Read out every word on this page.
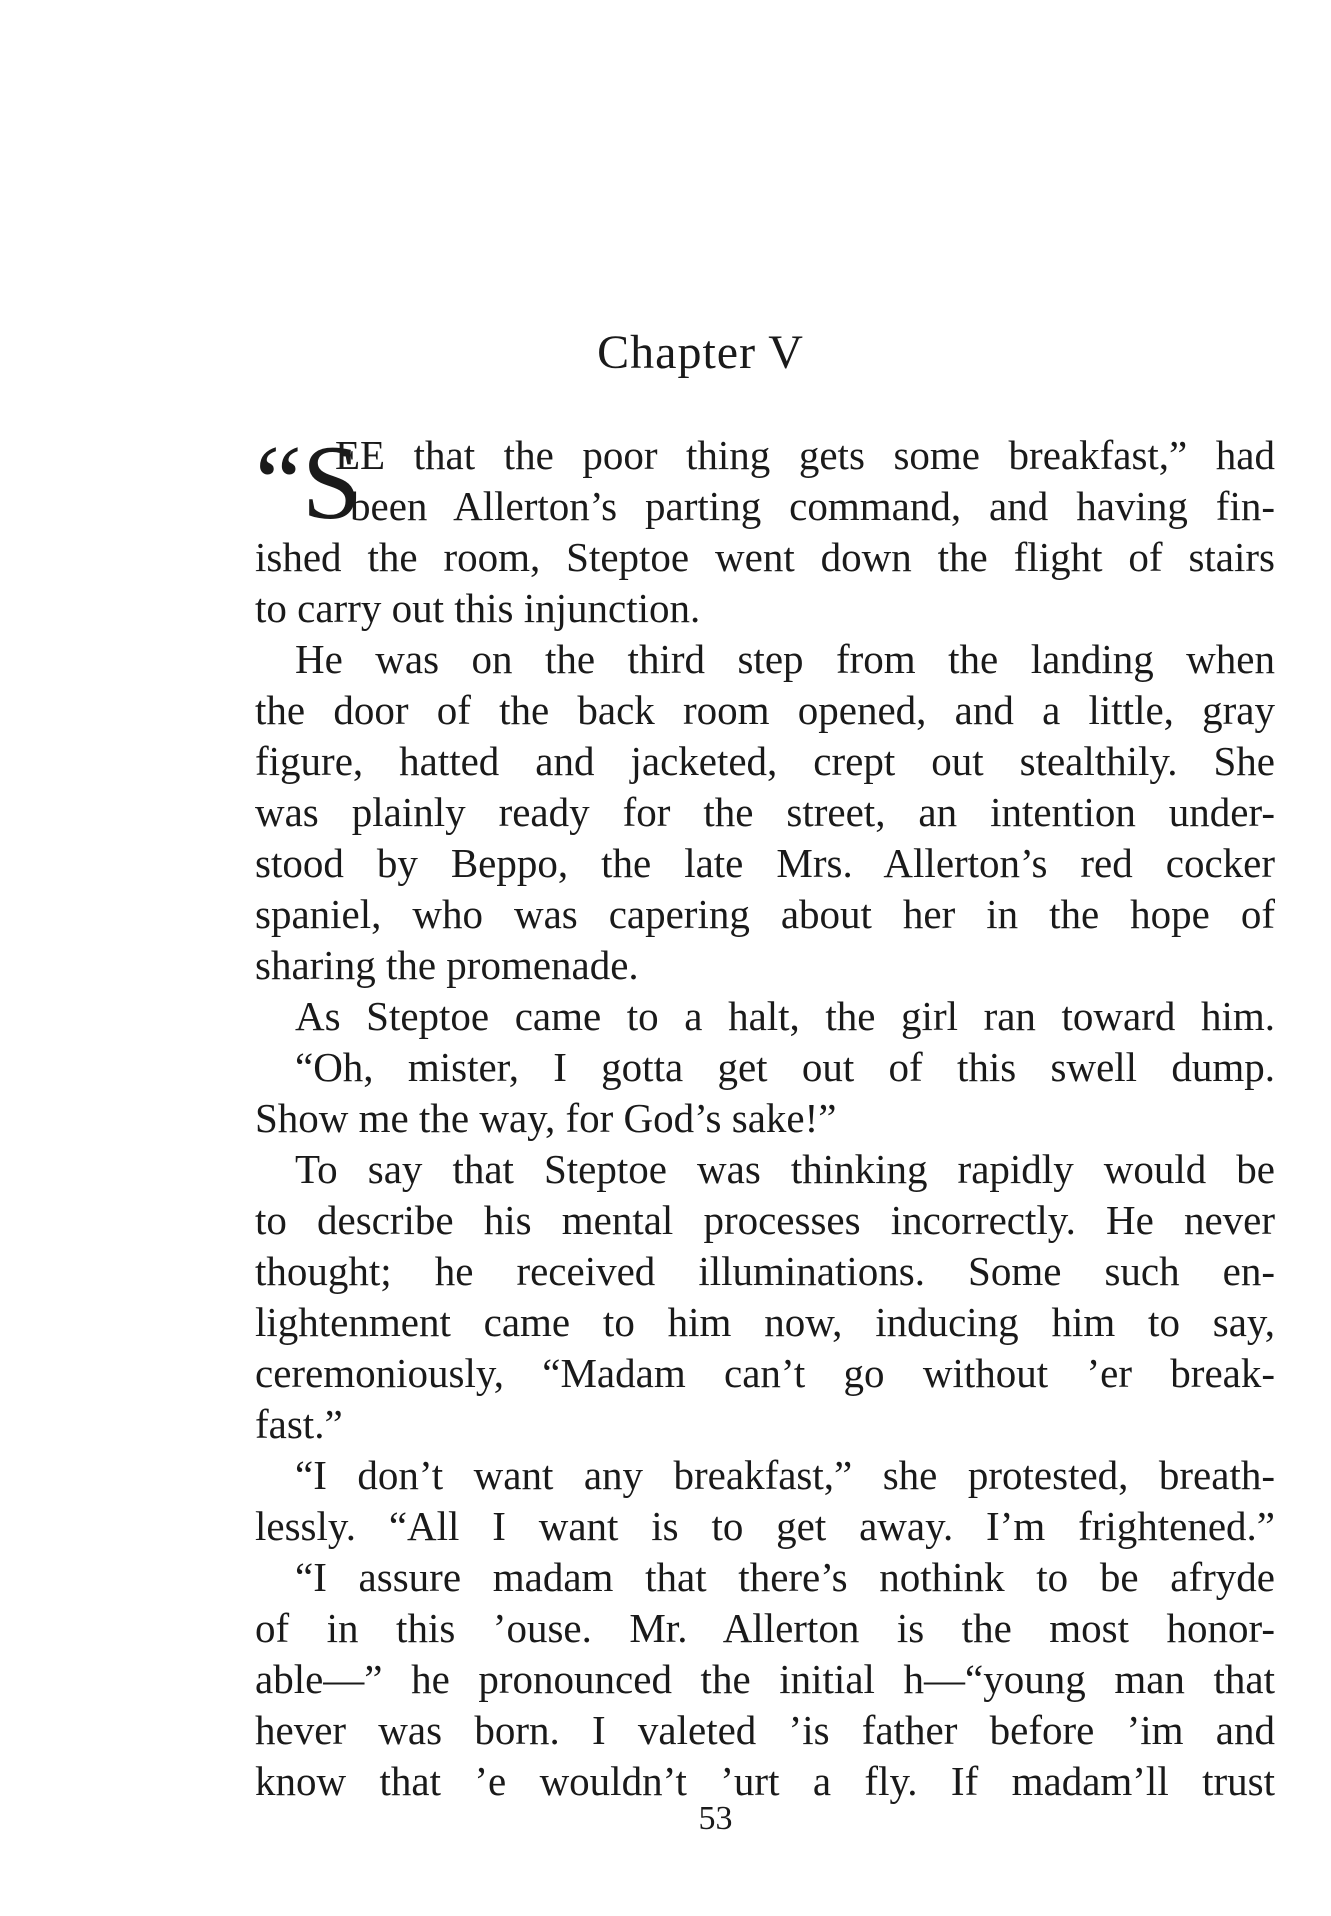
Chapter V
“S
EE that the poor thing gets some breakfast,” had
been Allerton’s parting command, and having fin-
ished the room, Steptoe went down the flight of stairs
to carry out this injunction.
He was on the third step from the landing when
the door of the back room opened, and a little, gray
figure, hatted and jacketed, crept out stealthily. She
was plainly ready for the street, an intention under-
stood by Beppo, the late Mrs. Allerton’s red cocker
spaniel, who was capering about her in the hope of
sharing the promenade.
As Steptoe came to a halt, the girl ran toward him.
“Oh, mister, I gotta get out of this swell dump.
Show me the way, for God’s sake!”
To say that Steptoe was thinking rapidly would be
to describe his mental processes incorrectly. He never
thought; he received illuminations. Some such en-
lightenment came to him now, inducing him to say,
ceremoniously, “Madam can’t go without ’er break-
fast.”
“I don’t want any breakfast,” she protested, breath-
lessly. “All I want is to get away. I’m frightened.”
“I assure madam that there’s nothink to be afryde
of in this ’ouse. Mr. Allerton is the most honor-
able—” he pronounced the initial h—“young man that
hever was born. I valeted ’is father before ’im and
know that ’e wouldn’t ’urt a fly. If madam’ll trust
53
